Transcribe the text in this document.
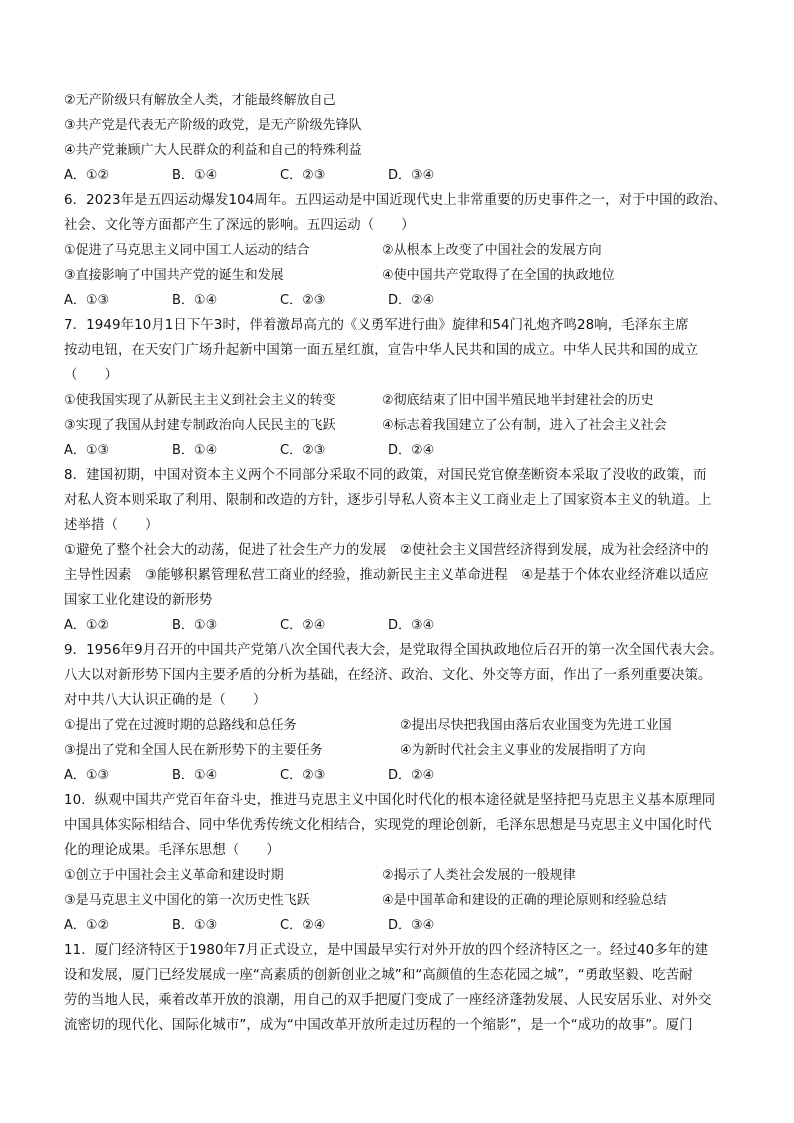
②无产阶级只有解放全人类，才能最终解放自己
③共产党是代表无产阶级的政党，是无产阶级先锋队
④共产党兼顾广大人民群众的利益和自己的特殊利益
A．①②	B．①④	C．②③	D．③④
6．2023年是五四运动爆发104周年。五四运动是中国近现代史上非常重要的历史事件之一，对于中国的政治、
社会、文化等方面都产生了深远的影响。五四运动（　　）
①促进了马克思主义同中国工人运动的结合	②从根本上改变了中国社会的发展方向
③直接影响了中国共产党的诞生和发展	④使中国共产党取得了在全国的执政地位
A．①③	B．①④	C．②③	D．②④
7．1949年10月1日下午3时，伴着激昂高亢的《义勇军进行曲》旋律和54门礼炮齐鸣28响，毛泽东主席
按动电钮，在天安门广场升起新中国第一面五星红旗，宣告中华人民共和国的成立。中华人民共和国的成立
（　　）
①使我国实现了从新民主主义到社会主义的转变	②彻底结束了旧中国半殖民地半封建社会的历史
③实现了我国从封建专制政治向人民民主的飞跃	④标志着我国建立了公有制，进入了社会主义社会
A．①③	B．①④	C．②③	D．②④
8．建国初期，中国对资本主义两个不同部分采取不同的政策，对国民党官僚垄断资本采取了没收的政策，而
对私人资本则采取了利用、限制和改造的方针，逐步引导私人资本主义工商业走上了国家资本主义的轨道。上
述举措（　　）
①避免了整个社会大的动荡，促进了社会生产力的发展　②使社会主义国营经济得到发展，成为社会经济中的
主导性因素　③能够积累管理私营工商业的经验，推动新民主主义革命进程　④是基于个体农业经济难以适应
国家工业化建设的新形势
A．①②	B．①③	C．②④	D．③④
9．1956年9月召开的中国共产党第八次全国代表大会，是党取得全国执政地位后召开的第一次全国代表大会。
八大以对新形势下国内主要矛盾的分析为基础，在经济、政治、文化、外交等方面，作出了一系列重要决策。
对中共八大认识正确的是（　　）
①提出了党在过渡时期的总路线和总任务	②提出尽快把我国由落后农业国变为先进工业国
③提出了党和全国人民在新形势下的主要任务	④为新时代社会主义事业的发展指明了方向
A．①③	B．①④	C．②③	D．②④
10．纵观中国共产党百年奋斗史，推进马克思主义中国化时代化的根本途径就是坚持把马克思主义基本原理同
中国具体实际相结合、同中华优秀传统文化相结合，实现党的理论创新，毛泽东思想是马克思主义中国化时代
化的理论成果。毛泽东思想（　　）
①创立于中国社会主义革命和建设时期	②揭示了人类社会发展的一般规律
③是马克思主义中国化的第一次历史性飞跃	④是中国革命和建设的正确的理论原则和经验总结
A．①②	B．①③	C．②④	D．③④
11．厦门经济特区于1980年7月正式设立，是中国最早实行对外开放的四个经济特区之一。经过40多年的建
设和发展，厦门已经发展成一座“高素质的创新创业之城”和“高颜值的生态花园之城”，“勇敢坚毅、吃苦耐
劳的当地人民，乘着改革开放的浪潮，用自己的双手把厦门变成了一座经济蓬勃发展、人民安居乐业、对外交
流密切的现代化、国际化城市”，成为“中国改革开放所走过历程的一个缩影”，是一个“成功的故事”。厦门
